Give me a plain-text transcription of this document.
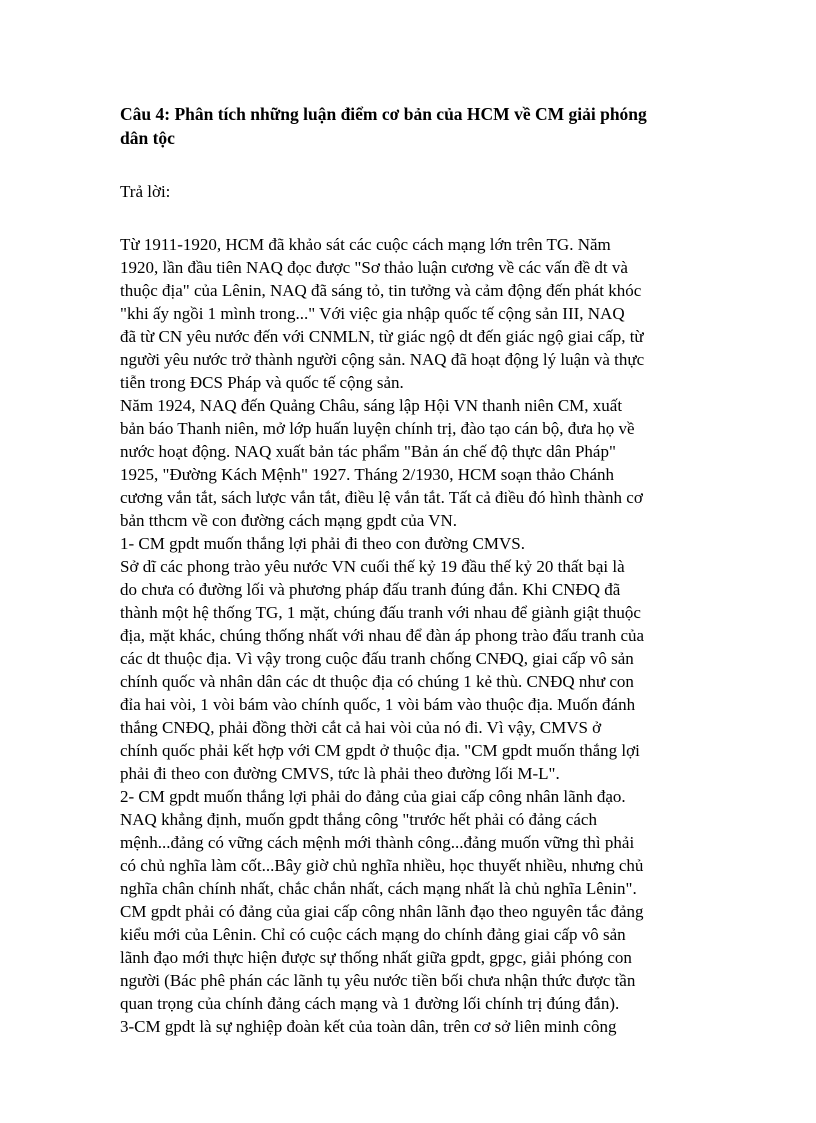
Câu 4: Phân tích những luận điểm cơ bản của HCM về CM giải phóng
dân tộc
Trả lời:

Từ 1911-1920, HCM đã khảo sát các cuộc cách mạng lớn trên TG. Năm
1920, lần đầu tiên NAQ đọc được "Sơ thảo luận cương về các vấn đề dt và
thuộc địa" của Lênin, NAQ đã sáng tỏ, tin tưởng và cảm động đến phát khóc
"khi ấy ngồi 1 mình trong..." Với việc gia nhập quốc tế cộng sản III, NAQ
đã từ CN yêu nước đến với CNMLN, từ giác ngộ dt đến giác ngộ giai cấp, từ
người yêu nước trở thành người cộng sản. NAQ đã hoạt động lý luận và thực
tiễn trong ĐCS Pháp và quốc tế cộng sản.

Năm 1924, NAQ đến Quảng Châu, sáng lập Hội VN thanh niên CM, xuất
bản báo Thanh niên, mở lớp huấn luyện chính trị, đào tạo cán bộ, đưa họ về
nước hoạt động. NAQ xuất bản tác phẩm "Bản án chế độ thực dân Pháp"
1925, "Đường Kách Mệnh" 1927. Tháng 2/1930, HCM soạn thảo Chánh
cương vắn tắt, sách lược vắn tắt, điều lệ vắn tắt. Tất cả điều đó hình thành cơ
bản tthcm về con đường cách mạng gpdt của VN.

1- CM gpdt muốn thắng lợi phải đi theo con đường CMVS.

Sở dĩ các phong trào yêu nước VN cuối thế kỷ 19 đầu thế kỷ 20 thất bại là
do chưa có đường lối và phương pháp đấu tranh đúng đắn. Khi CNĐQ đã
thành một hệ thống TG, 1 mặt, chúng đấu tranh với nhau để giành giật thuộc
địa, mặt khác, chúng thống nhất với nhau để đàn áp phong trào đấu tranh của
các dt thuộc địa. Vì vậy trong cuộc đấu tranh chống CNĐQ, giai cấp vô sản
chính quốc và nhân dân các dt thuộc địa có chúng 1 kẻ thù. CNĐQ như con
đỉa hai vòi, 1 vòi bám vào chính quốc, 1 vòi bám vào thuộc địa. Muốn đánh
thắng CNĐQ, phải đồng thời cắt cả hai vòi của nó đi. Vì vậy, CMVS ở
chính quốc phải kết hợp với CM gpdt ở thuộc địa. "CM gpdt muốn thắng lợi
phải đi theo con đường CMVS, tức là phải theo đường lối M-L".

2- CM gpdt muốn thắng lợi phải do đảng của giai cấp công nhân lãnh đạo.

NAQ khẳng định, muốn gpdt thắng công "trước hết phải có đảng cách
mệnh...đảng có vững cách mệnh mới thành công...đảng muốn vững thì phải
có chủ nghĩa làm cốt...Bây giờ chủ nghĩa nhiều, học thuyết nhiều, nhưng chủ
nghĩa chân chính nhất, chắc chắn nhất, cách mạng nhất là chủ nghĩa Lênin".
CM gpdt phải có đảng của giai cấp công nhân lãnh đạo theo nguyên tắc đảng
kiểu mới của Lênin. Chỉ có cuộc cách mạng do chính đảng giai cấp vô sản
lãnh đạo mới thực hiện được sự thống nhất giữa gpdt, gpgc, giải phóng con
người (Bác phê phán các lãnh tụ yêu nước tiền bối chưa nhận thức được tần
quan trọng của chính đảng cách mạng và 1 đường lối chính trị đúng đắn).

3-CM gpdt là sự nghiệp đoàn kết của toàn dân, trên cơ sở liên minh công
